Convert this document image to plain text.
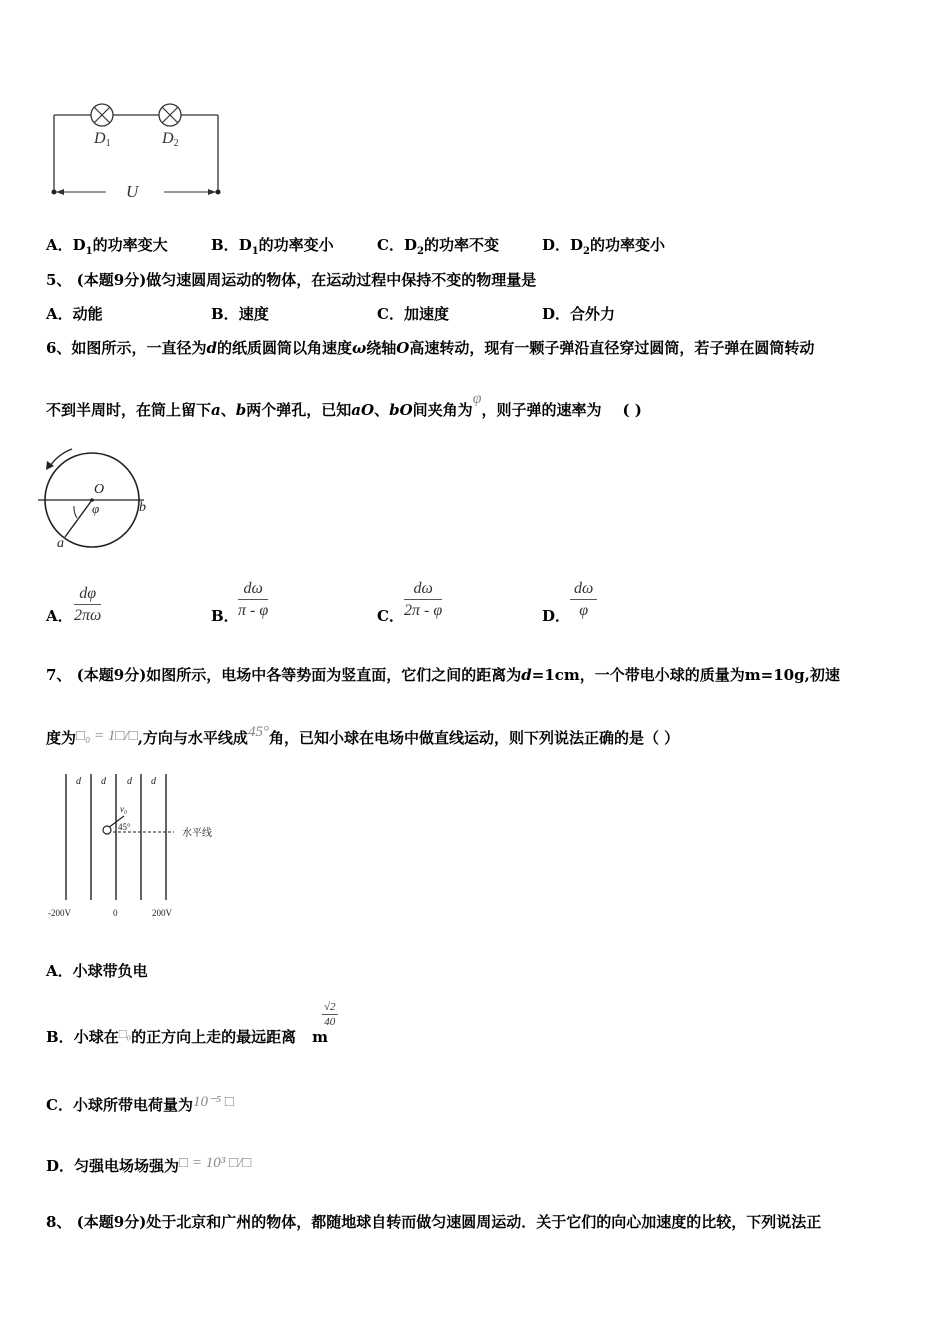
D1	D2
U
A．$D_1$的功率变大	B．$D_1$的功率变小	C．$D_2$的功率不变	D．$D_2$的功率变小
5、 (本题9分)做匀速圆周运动的物体，在运动过程中保持不变的物理量是
A．动能	B．速度	C．加速度	D．合外力
6、如图所示，一直径为d的纸质圆筒以角速度ω绕轴O高速转动，现有一颗子弹沿直径穿过圆筒，若子弹在圆筒转动
不到半周时，在筒上留下a、b两个弹孔，已知aO、bO间夹角为φ，则子弹的速率为 ( )
O
φ
a
b
A． $\frac{d\varphi}{2\pi\omega}$	B． $\frac{d\omega}{\pi - \varphi}$	C． $\frac{d\omega}{2\pi - \varphi}$	D． $\frac{d\omega}{\varphi}$
7、 (本题9分)如图所示，电场中各等势面为竖直面，它们之间的距离为d=1cm，一个带电小球的质量为m=10g,初速
度为□₀ = 1□/□,方向与水平线成45°角，已知小球在电场中做直线运动，则下列说法正确的是（ ）
d d d d
v₀
45°
水平线
-200V	0	200V
A．小球带负电
B．小球在□₀的正方向上走的最远距离 m
$\frac{√2}{40}$
C．小球所带电荷量为10⁻⁵ □
D．匀强电场场强为□ = 10³ □/□
8、 (本题9分)处于北京和广州的物体，都随地球自转而做匀速圆周运动．关于它们的向心加速度的比较，下列说法正
